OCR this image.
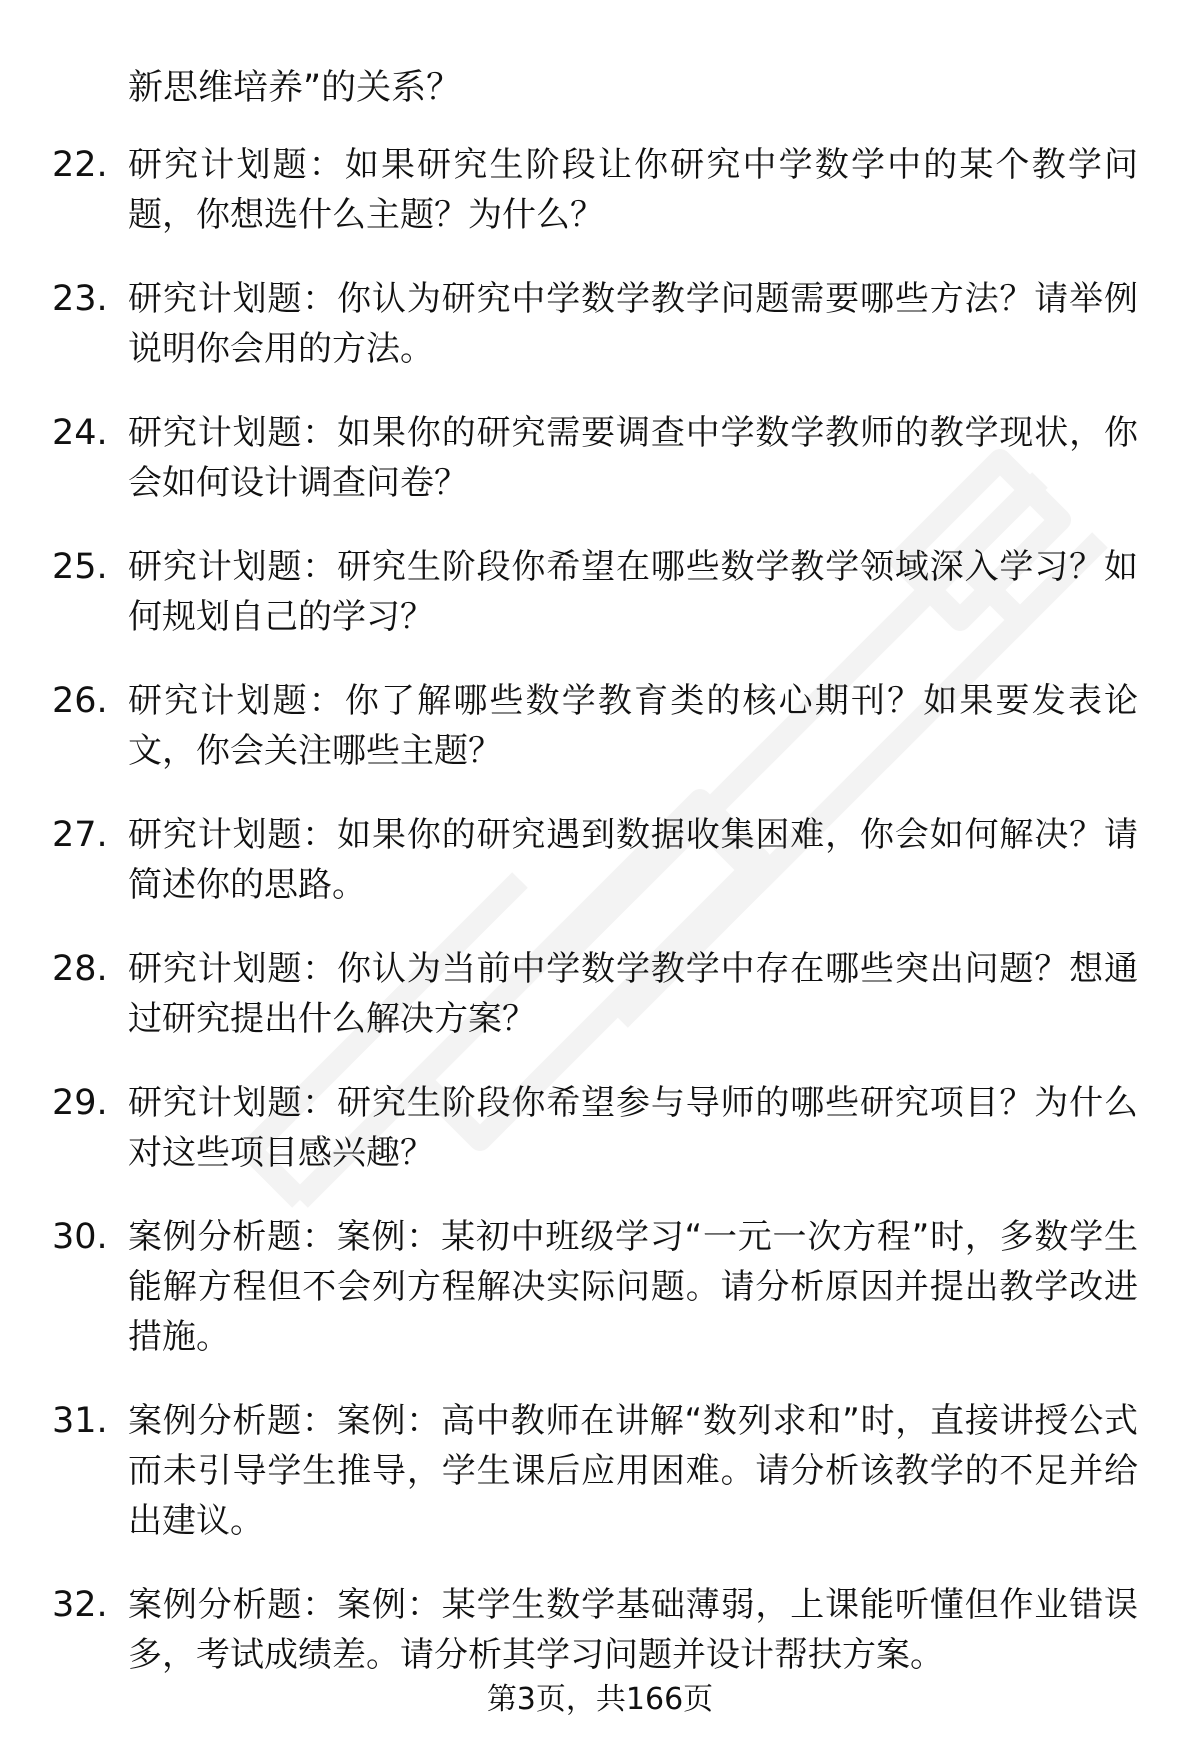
新思维培养”的关系？
22. 研究计划题：如果研究生阶段让你研究中学数学中的某个教学问题，你想选什么主题？为什么？
23. 研究计划题：你认为研究中学数学教学问题需要哪些方法？请举例说明你会用的方法。
24. 研究计划题：如果你的研究需要调查中学数学教师的教学现状，你会如何设计调查问卷？
25. 研究计划题：研究生阶段你希望在哪些数学教学领域深入学习？如何规划自己的学习？
26. 研究计划题：你了解哪些数学教育类的核心期刊？如果要发表论文，你会关注哪些主题？
27. 研究计划题：如果你的研究遇到数据收集困难，你会如何解决？请简述你的思路。
28. 研究计划题：你认为当前中学数学教学中存在哪些突出问题？想通过研究提出什么解决方案？
29. 研究计划题：研究生阶段你希望参与导师的哪些研究项目？为什么对这些项目感兴趣？
30. 案例分析题：案例：某初中班级学习“一元一次方程”时，多数学生能解方程但不会列方程解决实际问题。请分析原因并提出教学改进措施。
31. 案例分析题：案例：高中教师在讲解“数列求和”时，直接讲授公式而未引导学生推导，学生课后应用困难。请分析该教学的不足并给出建议。
32. 案例分析题：案例：某学生数学基础薄弱，上课能听懂但作业错误多，考试成绩差。请分析其学习问题并设计帮扶方案。
第3页，共166页
